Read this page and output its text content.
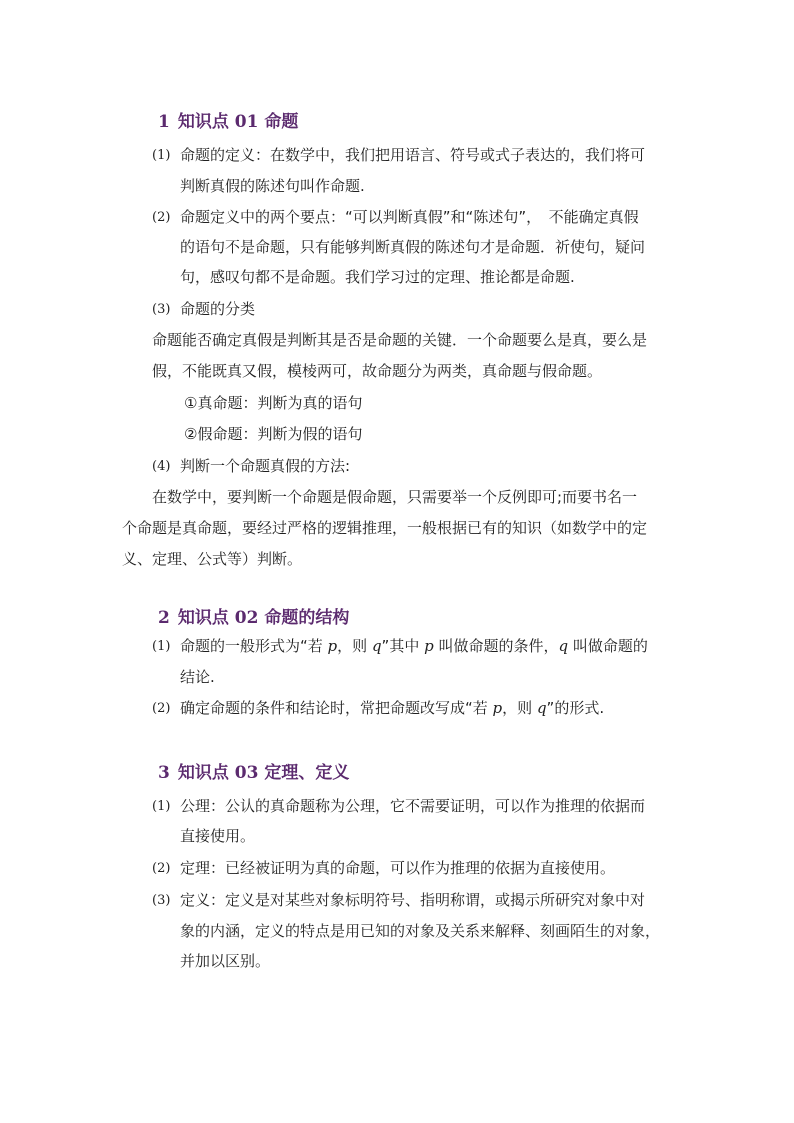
1 知识点 01 命题
(1) 命题的定义：在数学中，我们把用语言、符号或式子表达的，我们将可
判断真假的陈述句叫作命题.
(2) 命题定义中的两个要点：“可以判断真假”和“陈述句”，　不能确定真假
的语句不是命题，只有能够判断真假的陈述句才是命题．祈使句，疑问
句，感叹句都不是命题。我们学习过的定理、推论都是命题.
(3) 命题的分类
命题能否确定真假是判断其是否是命题的关键．一个命题要么是真，要么是
假，不能既真又假，模棱两可，故命题分为两类，真命题与假命题。
①真命题：判断为真的语句
②假命题：判断为假的语句
(4) 判断一个命题真假的方法:
在数学中，要判断一个命题是假命题，只需要举一个反例即可;而要书名一
个命题是真命题，要经过严格的逻辑推理，一般根据已有的知识（如数学中的定
义、定理、公式等）判断。
2 知识点 02 命题的结构
(1) 命题的一般形式为“若 p，则 q”其中 p 叫做命题的条件，q 叫做命题的
结论.
(2) 确定命题的条件和结论时，常把命题改写成“若 p，则 q”的形式.
3 知识点 03 定理、定义
(1) 公理：公认的真命题称为公理，它不需要证明，可以作为推理的依据而
直接使用。
(2) 定理：已经被证明为真的命题，可以作为推理的依据为直接使用。
(3) 定义：定义是对某些对象标明符号、指明称谓，或揭示所研究对象中对
象的内涵，定义的特点是用已知的对象及关系来解释、刻画陌生的对象，
并加以区别。
